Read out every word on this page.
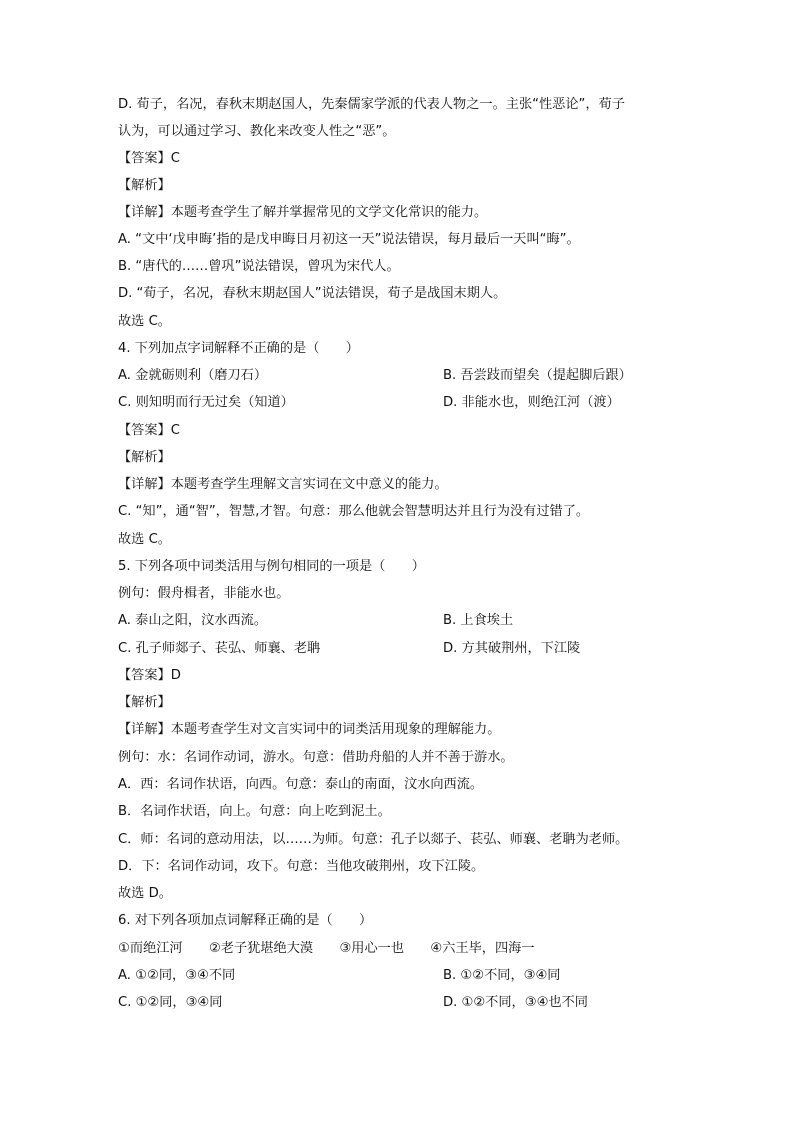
D. 荀子，名况，春秋末期赵国人，先秦儒家学派的代表人物之一。主张“性恶论”，荀子
认为，可以通过学习、教化来改变人性之“恶”。
【答案】C
【解析】
【详解】本题考查学生了解并掌握常见的文学文化常识的能力。
A. “文中‘戊申晦’指的是戊申晦日月初这一天”说法错误，每月最后一天叫“晦”。
B. “唐代的……曾巩”说法错误，曾巩为宋代人。
D. “荀子，名况，春秋末期赵国人”说法错误，荀子是战国末期人。
故选 C。
4. 下列加点字词解释不正确的是（　　）
A. 金就砺则利（磨刀石）	B. 吾尝跂而望矣（提起脚后跟）
C. 则知明而行无过矣（知道）	D. 非能水也，则绝江河（渡）
【答案】C
【解析】
【详解】本题考查学生理解文言实词在文中意义的能力。
C. “知”，通“智”，智慧,才智。句意：那么他就会智慧明达并且行为没有过错了。
故选 C。
5. 下列各项中词类活用与例句相同的一项是（　　）
例句：假舟楫者，非能水也。
A. 泰山之阳，汶水西流。	B. 上食埃土
C. 孔子师郯子、苌弘、师襄、老聃	D. 方其破荆州，下江陵
【答案】D
【解析】
【详解】本题考查学生对文言实词中的词类活用现象的理解能力。
例句：水：名词作动词，游水。句意：借助舟船的人并不善于游水。
A．西：名词作状语，向西。句意：泰山的南面，汶水向西流。
B．名词作状语，向上。句意：向上吃到泥土。
C．师：名词的意动用法，以……为师。句意：孔子以郯子、苌弘、师襄、老聃为老师。
D．下：名词作动词，攻下。句意：当他攻破荆州，攻下江陵。
故选 D。
6. 对下列各项加点词解释正确的是（　　）
①而绝江河　　②老子犹堪绝大漠　　③用心一也　　④六王毕，四海一
A. ①②同，③④不同	B. ①②不同，③④同
C. ①②同，③④同	D. ①②不同，③④也不同
